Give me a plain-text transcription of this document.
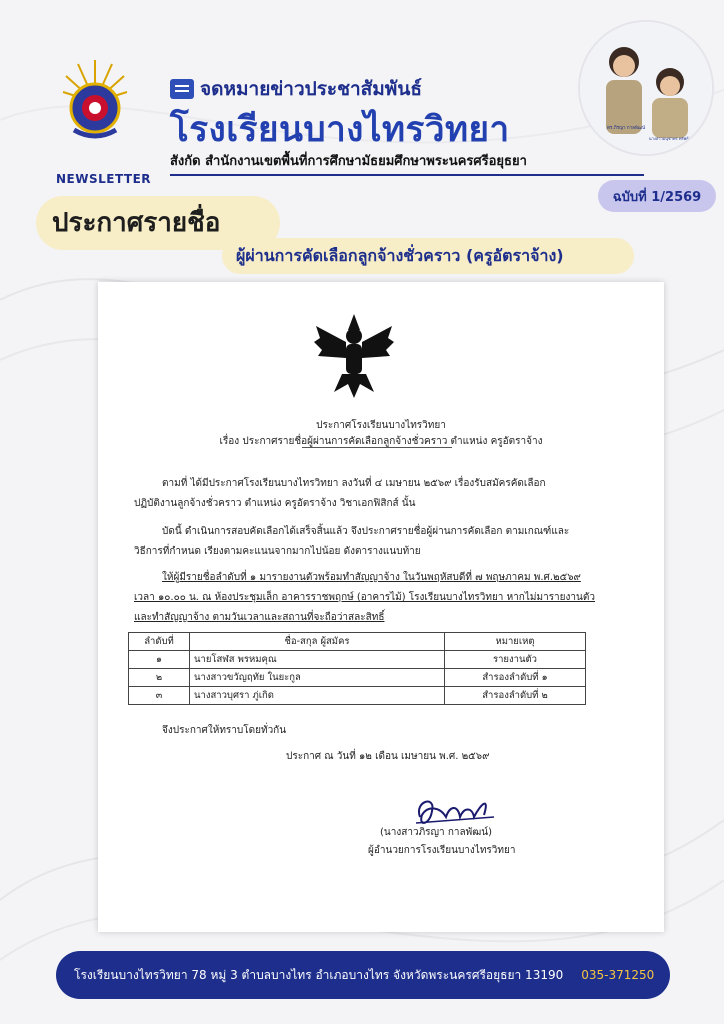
NEWSLETTER
จดหมายข่าวประชาสัมพันธ์
โรงเรียนบางไทรวิทยา
สังกัด สำนักงานเขตพื้นที่การศึกษามัธยมศึกษาพระนครศรีอยุธยา
ดร.ภิรญา กาลพัฒน์
นางสาวอนุชาพร ทรัพย์อนันต์
ฉบับที่ 1/2569
ประกาศรายชื่อ
ผู้ผ่านการคัดเลือกลูกจ้างชั่วคราว (ครูอัตราจ้าง)
ประกาศโรงเรียนบางไทรวิทยา
เรื่อง ประกาศรายชื่อผู้ผ่านการคัดเลือกลูกจ้างชั่วคราว ตำแหน่ง ครูอัตราจ้าง

ตามที่ ได้มีประกาศโรงเรียนบางไทรวิทยา ลงวันที่ ๔ เมษายน ๒๕๖๙ เรื่องรับสมัครคัดเลือก

ปฏิบัติงานลูกจ้างชั่วคราว ตำแหน่ง ครูอัตราจ้าง วิชาเอกฟิสิกส์ นั้น

บัดนี้ ดำเนินการสอบคัดเลือกได้เสร็จสิ้นแล้ว จึงประกาศรายชื่อผู้ผ่านการคัดเลือก ตามเกณฑ์และ

วิธีการที่กำหนด เรียงตามคะแนนจากมากไปน้อย ดังตารางแนบท้าย

ให้ผู้มีรายชื่อลำดับที่ ๑ มารายงานตัวพร้อมทำสัญญาจ้าง ในวันพฤหัสบดีที่ ๗ พฤษภาคม พ.ศ.๒๕๖๙

เวลา ๑๐.๐๐ น. ณ ห้องประชุมเล็ก อาคารราชพฤกษ์ (อาคารไม้) โรงเรียนบางไทรวิทยา หากไม่มารายงานตัว

และทำสัญญาจ้าง ตามวันเวลาและสถานที่จะถือว่าสละสิทธิ์

ลำดับที่	ชื่อ-สกุล ผู้สมัคร	หมายเหตุ
๑	นายโสฬส พรหมคุณ	รายงานตัว
๒	นางสาวขวัญฤทัย ในยะกูล	สำรองลำดับที่ ๑
๓	นางสาวบุศรา ภู่เกิด	สำรองลำดับที่ ๒
จึงประกาศให้ทราบโดยทั่วกัน
ประกาศ ณ วันที่ ๑๒ เดือน เมษายน พ.ศ. ๒๕๖๙
(นางสาวภิรญา กาลพัฒน์)
ผู้อำนวยการโรงเรียนบางไทรวิทยา
โรงเรียนบางไทรวิทยา 78 หมู่ 3 ตำบลบางไทร อำเภอบางไทร จังหวัดพระนครศรีอยุธยา 13190 035-371250
